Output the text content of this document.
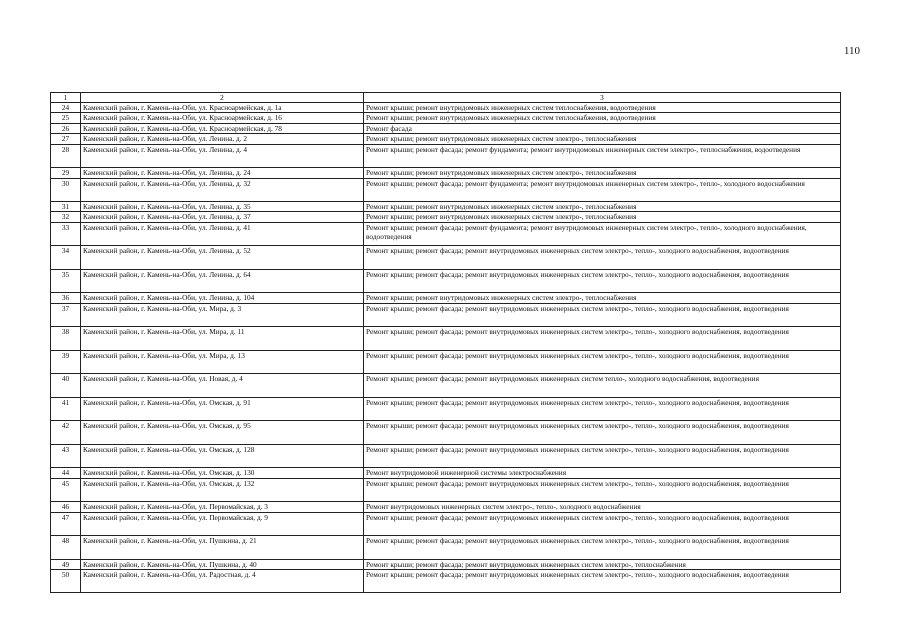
110
1	2	3
24	Каменский район, г. Камень-на-Оби, ул. Красноармейская, д. 1а	Ремонт крыши; ремонт внутридомовых инженерных систем теплоснабжения, водоотведения
25	Каменский район, г. Камень-на-Оби, ул. Красноармейская, д. 16	Ремонт крыши; ремонт внутридомовых инженерных систем теплоснабжения, водоотведения
26	Каменский район, г. Камень-на-Оби, ул. Красноармейская, д. 78	Ремонт фасада
27	Каменский район, г. Камень-на-Оби, ул. Ленина, д. 2	Ремонт крыши; ремонт внутридомовых инженерных систем электро-, теплоснабжения
28	Каменский район, г. Камень-на-Оби, ул. Ленина, д. 4	Ремонт крыши; ремонт фасада; ремонт фундамента; ремонт внутридомовых инженерных систем электро-, теплоснабжения, водоотведения
29	Каменский район, г. Камень-на-Оби, ул. Ленина, д. 24	Ремонт крыши; ремонт внутридомовых инженерных систем электро-, теплоснабжения
30	Каменский район, г. Камень-на-Оби, ул. Ленина, д. 32	Ремонт крыши; ремонт фасада; ремонт фундамента; ремонт внутридомовых инженерных систем электро-, тепло-, холодного водоснабжения
31	Каменский район, г. Камень-на-Оби, ул. Ленина, д. 35	Ремонт крыши; ремонт внутридомовых инженерных систем электро-, теплоснабжения
32	Каменский район, г. Камень-на-Оби, ул. Ленина, д. 37	Ремонт крыши; ремонт внутридомовых инженерных систем электро-, теплоснабжения
33	Каменский район, г. Камень-на-Оби, ул. Ленина, д. 41	Ремонт крыши; ремонт фасада; ремонт фундамента; ремонт внутридомовых инженерных систем электро-, тепло-, холодного водоснабжения, водоотведения
34	Каменский район, г. Камень-на-Оби, ул. Ленина, д. 52	Ремонт крыши; ремонт фасада; ремонт внутридомовых инженерных систем электро-, тепло-, холодного водоснабжения, водоотведения
35	Каменский район, г. Камень-на-Оби, ул. Ленина, д. 64	Ремонт крыши; ремонт фасада; ремонт внутридомовых инженерных систем электро-, тепло-, холодного водоснабжения, водоотведения
36	Каменский район, г. Камень-на-Оби, ул. Ленина, д. 104	Ремонт крыши; ремонт внутридомовых инженерных систем электро-, теплоснабжения
37	Каменский район, г. Камень-на-Оби, ул. Мира, д. 3	Ремонт крыши; ремонт фасада; ремонт внутридомовых инженерных систем электро-, тепло-, холодного водоснабжения, водоотведения
38	Каменский район, г. Камень-на-Оби, ул. Мира, д. 11	Ремонт крыши; ремонт фасада; ремонт внутридомовых инженерных систем электро-, тепло-, холодного водоснабжения, водоотведения
39	Каменский район, г. Камень-на-Оби, ул. Мира, д. 13	Ремонт крыши; ремонт фасада; ремонт внутридомовых инженерных систем электро-, тепло-, холодного водоснабжения, водоотведения
40	Каменский район, г. Камень-на-Оби, ул. Новая, д. 4	Ремонт крыши; ремонт фасада; ремонт внутридомовых инженерных систем тепло-, холодного водоснабжения, водоотведения
41	Каменский район, г. Камень-на-Оби, ул. Омская, д. 91	Ремонт крыши; ремонт фасада; ремонт внутридомовых инженерных систем электро-, тепло-, холодного водоснабжения, водоотведения
42	Каменский район, г. Камень-на-Оби, ул. Омская, д. 95	Ремонт крыши; ремонт фасада; ремонт внутридомовых инженерных систем электро-, тепло-, холодного водоснабжения, водоотведения
43	Каменский район, г. Камень-на-Оби, ул. Омская, д. 128	Ремонт крыши; ремонт фасада; ремонт внутридомовых инженерных систем электро-, тепло-, холодного водоснабжения, водоотведения
44	Каменский район, г. Камень-на-Оби, ул. Омская, д. 130	Ремонт внутридомовой инженерной системы электроснабжения
45	Каменский район, г. Камень-на-Оби, ул. Омская, д. 132	Ремонт крыши; ремонт фасада; ремонт внутридомовых инженерных систем электро-, тепло-, холодного водоснабжения, водоотведения
46	Каменский район, г. Камень-на-Оби, ул. Первомайская, д. 3	Ремонт внутридомовых инженерных систем электро-, тепло-, холодного водоснабжения
47	Каменский район, г. Камень-на-Оби, ул. Первомайская, д. 9	Ремонт крыши; ремонт фасада; ремонт внутридомовых инженерных систем электро-, тепло-, холодного водоснабжения, водоотведения
48	Каменский район, г. Камень-на-Оби, ул. Пушкина, д. 21	Ремонт крыши; ремонт фасада; ремонт внутридомовых инженерных систем электро-, тепло-, холодного водоснабжения, водоотведения
49	Каменский район, г. Камень-на-Оби, ул. Пушкина, д. 40	Ремонт крыши; ремонт фасада; ремонт внутридомовых инженерных систем электро-, теплоснабжения
50	Каменский район, г. Камень-на-Оби, ул. Радостная, д. 4	Ремонт крыши; ремонт фасада; ремонт внутридомовых инженерных систем электро-, тепло-, холодного водоснабжения, водоотведения
